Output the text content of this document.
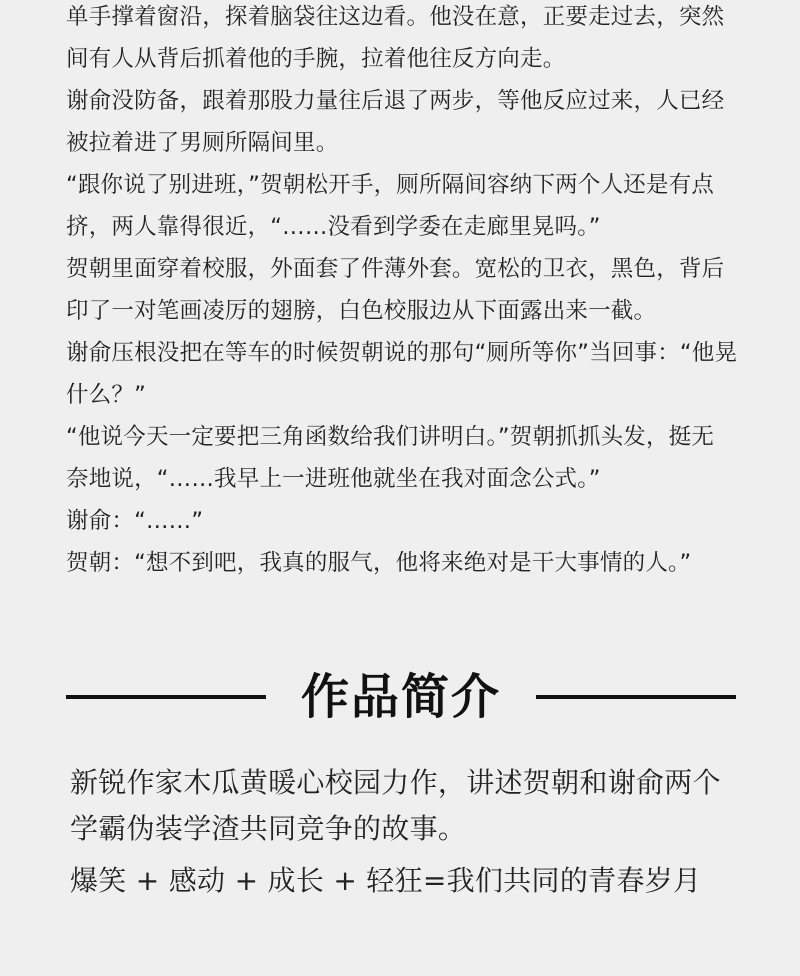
单手撑着窗沿，探着脑袋往这边看。他没在意，正要走过去，突然
间有人从背后抓着他的手腕，拉着他往反方向走。

谢俞没防备，跟着那股力量往后退了两步，等他反应过来，人已经
被拉着进了男厕所隔间里。

“跟你说了别进班，”贺朝松开手，厕所隔间容纳下两个人还是有点
挤，两人靠得很近，“……没看到学委在走廊里晃吗。”

贺朝里面穿着校服，外面套了件薄外套。宽松的卫衣，黑色，背后
印了一对笔画凌厉的翅膀，白色校服边从下面露出来一截。

谢俞压根没把在等车的时候贺朝说的那句“厕所等你”当回事：“他晃
什么？”

“他说今天一定要把三角函数给我们讲明白。”贺朝抓抓头发，挺无
奈地说，“……我早上一进班他就坐在我对面念公式。”

谢俞：“……”

贺朝：“想不到吧，我真的服气，他将来绝对是干大事情的人。”

作品简介
新锐作家木瓜黄暖心校园力作，讲述贺朝和谢俞两个
学霸伪装学渣共同竞争的故事。
爆笑 + 感动 + 成长 + 轻狂=我们共同的青春岁月
